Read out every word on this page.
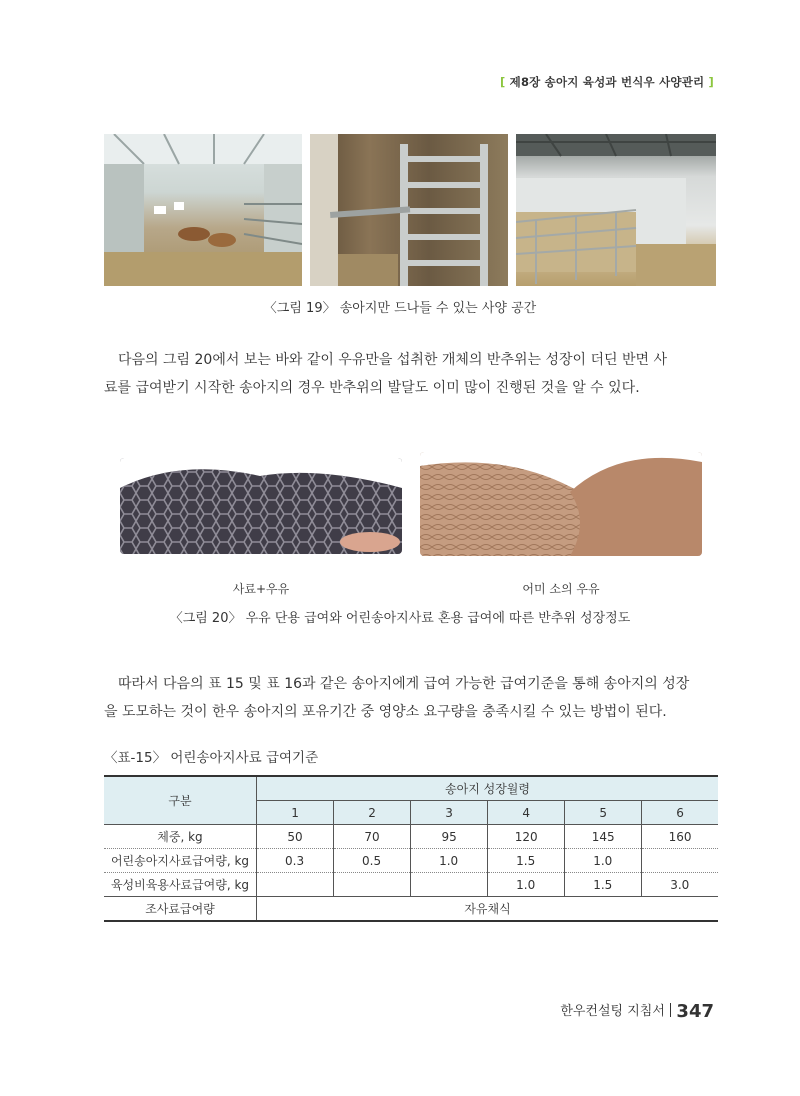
[ 제8장 송아지 육성과 번식우 사양관리 ]
〈그림 19〉 송아지만 드나들 수 있는 사양 공간
다음의 그림 20에서 보는 바와 같이 우유만을 섭취한 개체의 반추위는 성장이 더딘 반면 사
료를 급여받기 시작한 송아지의 경우 반추위의 발달도 이미 많이 진행된 것을 알 수 있다.
사료+우유	어미 소의 우유
〈그림 20〉 우유 단용 급여와 어린송아지사료 혼용 급여에 따른 반추위 성장정도
따라서 다음의 표 15 및 표 16과 같은 송아지에게 급여 가능한 급여기준을 통해 송아지의 성장
을 도모하는 것이 한우 송아지의 포유기간 중 영양소 요구량을 충족시킬 수 있는 방법이 된다.
〈표-15〉 어린송아지사료 급여기준
구분	송아지 성장월령					
	1	2	3	4	5	6
체중, kg	50	70	95	120	145	160
어린송아지사료급여량, kg	0.3	0.5	1.0	1.5	1.0	
육성비육용사료급여량, kg				1.0	1.5	3.0
조사료급여량	자유채식					
한우컨설팅 지침서 347
